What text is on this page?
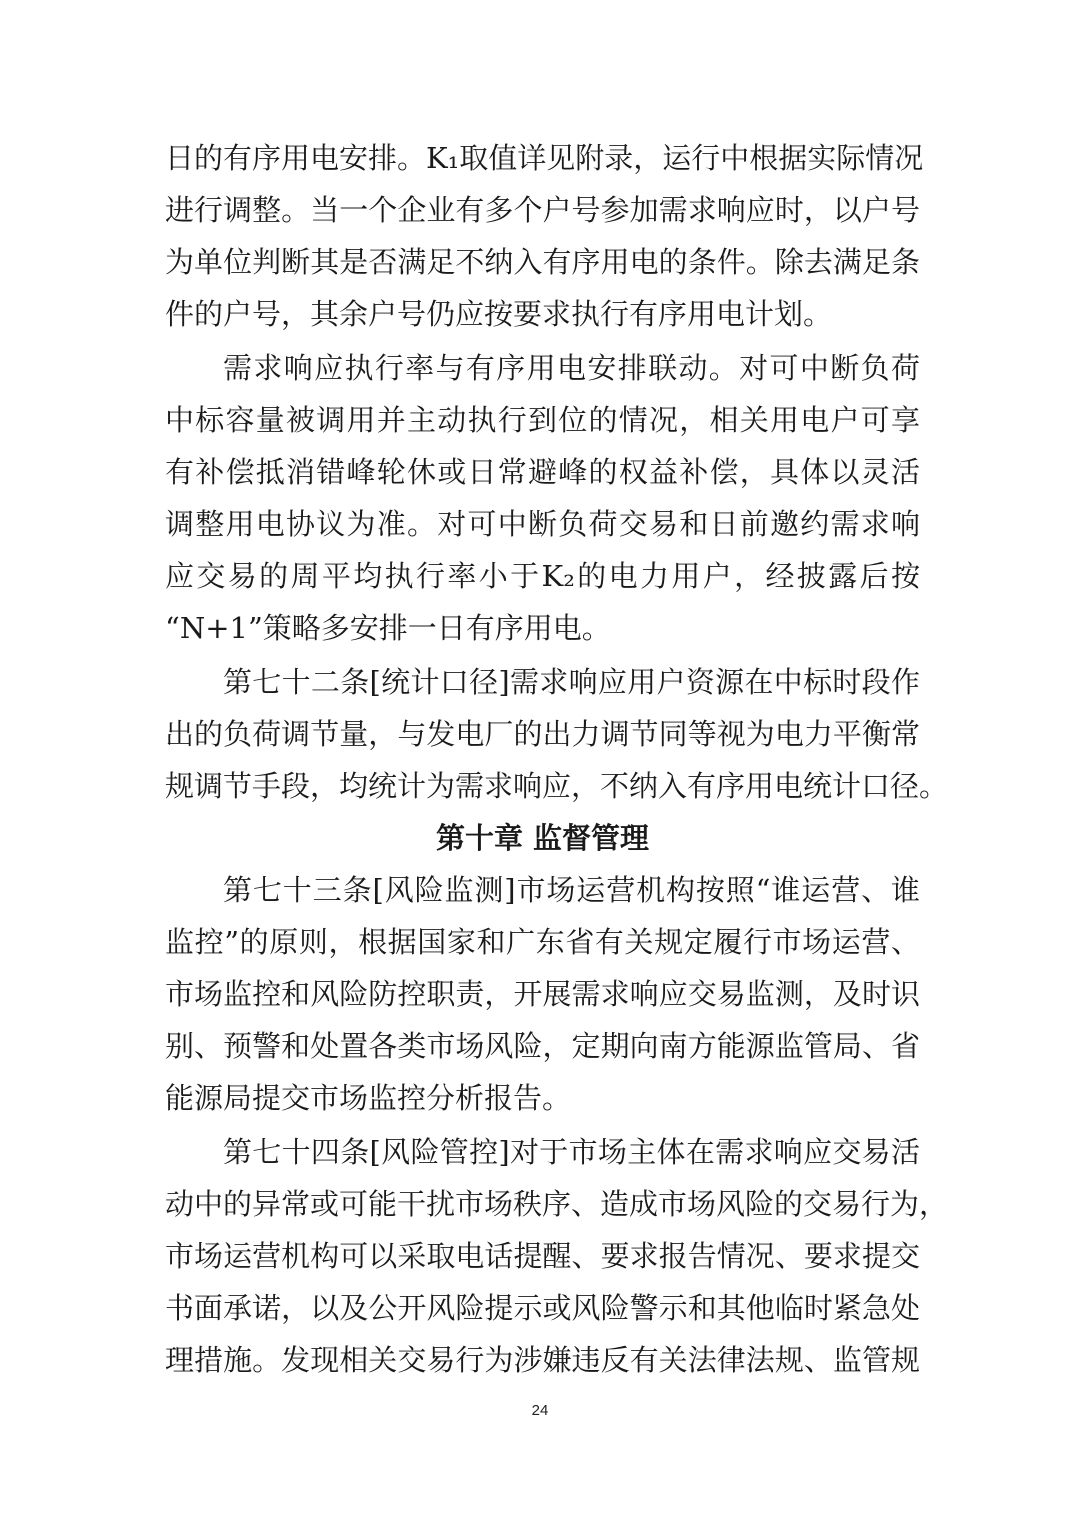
日的有序用电安排。K₁取值详见附录，运行中根据实际情况
进行调整。当一个企业有多个户号参加需求响应时，以户号
为单位判断其是否满足不纳入有序用电的条件。除去满足条
件的户号，其余户号仍应按要求执行有序用电计划。
需求响应执行率与有序用电安排联动。对可中断负荷
中标容量被调用并主动执行到位的情况，相关用电户可享
有补偿抵消错峰轮休或日常避峰的权益补偿，具体以灵活
调整用电协议为准。对可中断负荷交易和日前邀约需求响
应交易的周平均执行率小于K₂的电力用户，经披露后按
“N+1”策略多安排一日有序用电。
第七十二条[统计口径]需求响应用户资源在中标时段作
出的负荷调节量，与发电厂的出力调节同等视为电力平衡常
规调节手段，均统计为需求响应，不纳入有序用电统计口径。
第十章 监督管理
第七十三条[风险监测]市场运营机构按照“谁运营、谁
监控”的原则，根据国家和广东省有关规定履行市场运营、
市场监控和风险防控职责，开展需求响应交易监测，及时识
别、预警和处置各类市场风险，定期向南方能源监管局、省
能源局提交市场监控分析报告。
第七十四条[风险管控]对于市场主体在需求响应交易活
动中的异常或可能干扰市场秩序、造成市场风险的交易行为，
市场运营机构可以采取电话提醒、要求报告情况、要求提交
书面承诺，以及公开风险提示或风险警示和其他临时紧急处
理措施。发现相关交易行为涉嫌违反有关法律法规、监管规
24
